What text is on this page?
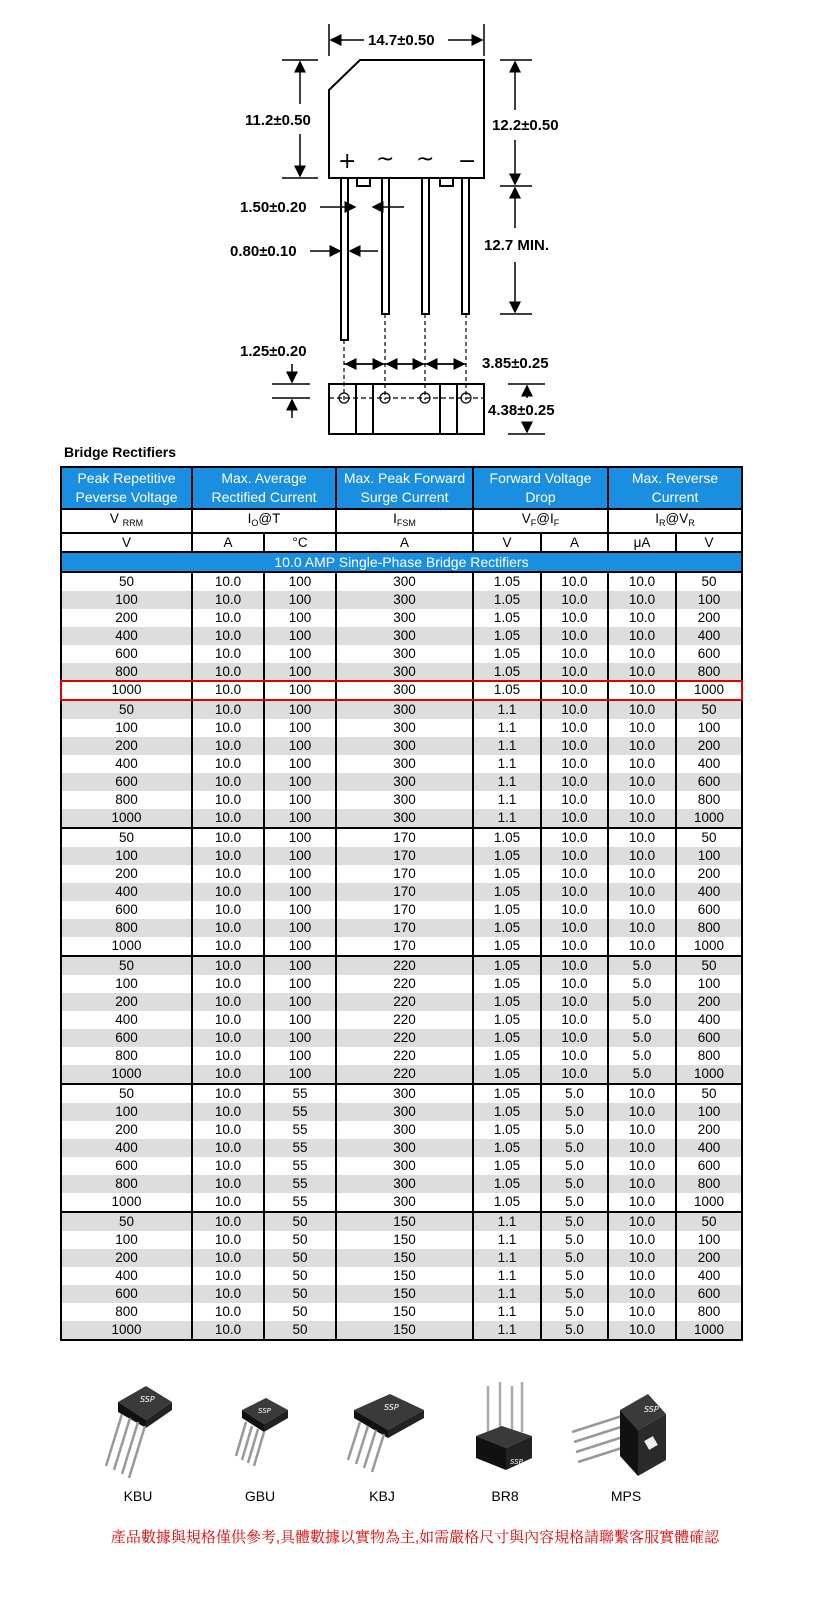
+ ~ ~ −
14.7±0.50
11.2±0.50	12.2±0.50
12.7 MIN.
1.50±0.20
0.80±0.10
1.25±0.20
3.85±0.25
4.38±0.25
Bridge Rectifiers
Peak Repetitive Peverse Voltage	Max. Average Rectified Current		Max. Peak Forward Surge Current	Forward Voltage Drop		Max. Reverse Current	
V $_{RRM}$	$I_O@T$		$I_{FSM}$	$V_F@I_F$		$I_R@V_R$
V	A	°C	A	V	A	μA	V
10.0 AMP Single-Phase Bridge Rectifiers							
50	10.0	100	300	1.05	10.0	10.0	50
100	10.0	100	300	1.05	10.0	10.0	100
200	10.0	100	300	1.05	10.0	10.0	200
400	10.0	100	300	1.05	10.0	10.0	400
600	10.0	100	300	1.05	10.0	10.0	600
800	10.0	100	300	1.05	10.0	10.0	800
1000	10.0	100	300	1.05	10.0	10.0	1000
50	10.0	100	300	1.1	10.0	10.0	50
100	10.0	100	300	1.1	10.0	10.0	100
200	10.0	100	300	1.1	10.0	10.0	200
400	10.0	100	300	1.1	10.0	10.0	400
600	10.0	100	300	1.1	10.0	10.0	600
800	10.0	100	300	1.1	10.0	10.0	800
1000	10.0	100	300	1.1	10.0	10.0	1000
50	10.0	100	170	1.05	10.0	10.0	50
100	10.0	100	170	1.05	10.0	10.0	100
200	10.0	100	170	1.05	10.0	10.0	200
400	10.0	100	170	1.05	10.0	10.0	400
600	10.0	100	170	1.05	10.0	10.0	600
800	10.0	100	170	1.05	10.0	10.0	800
1000	10.0	100	170	1.05	10.0	10.0	1000
50	10.0	100	220	1.05	10.0	5.0	50
100	10.0	100	220	1.05	10.0	5.0	100
200	10.0	100	220	1.05	10.0	5.0	200
400	10.0	100	220	1.05	10.0	5.0	400
600	10.0	100	220	1.05	10.0	5.0	600
800	10.0	100	220	1.05	10.0	5.0	800
1000	10.0	100	220	1.05	10.0	5.0	1000
50	10.0	55	300	1.05	5.0	10.0	50
100	10.0	55	300	1.05	5.0	10.0	100
200	10.0	55	300	1.05	5.0	10.0	200
400	10.0	55	300	1.05	5.0	10.0	400
600	10.0	55	300	1.05	5.0	10.0	600
800	10.0	55	300	1.05	5.0	10.0	800
1000	10.0	55	300	1.05	5.0	10.0	1000
50	10.0	50	150	1.1	5.0	10.0	50
100	10.0	50	150	1.1	5.0	10.0	100
200	10.0	50	150	1.1	5.0	10.0	200
400	10.0	50	150	1.1	5.0	10.0	400
600	10.0	50	150	1.1	5.0	10.0	600
800	10.0	50	150	1.1	5.0	10.0	800
1000	10.0	50	150	1.1	5.0	10.0	1000
SSP
SSP	SSP
SSP
SSP
KBU	GBU	KBJ	BR8	MPS
產品數據與規格僅供參考,具體數據以實物為主,如需嚴格尺寸與內容規格請聯繫客服實體確認
